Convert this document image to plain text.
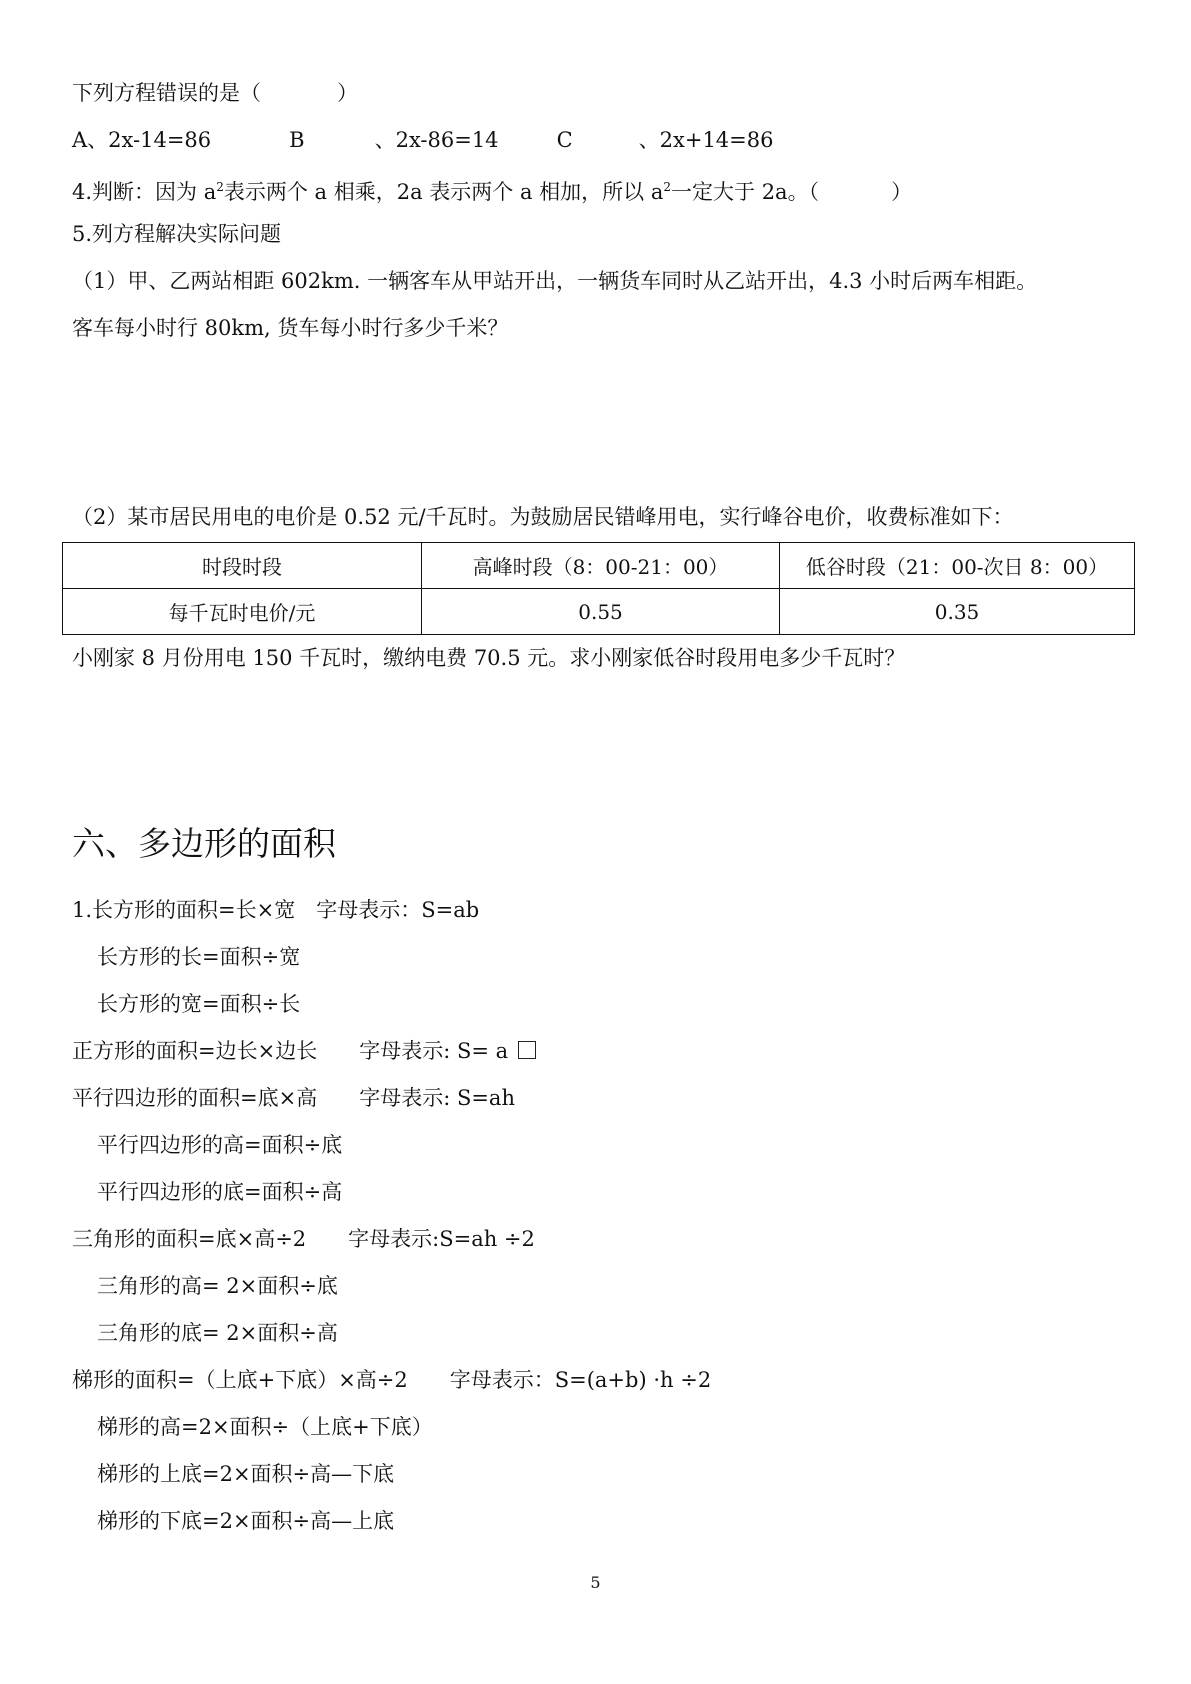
下列方程错误的是（	）
A、2x-14=86	B	、2x-86=14	C	、2x+14=86
4.判断：因为 $a^2$表示两个 a 相乘，2a 表示两个 a 相加，所以 $a^2$一定大于 2a。（	）
5.列方程解决实际问题
（1）甲、乙两站相距 602km. 一辆客车从甲站开出，一辆货车同时从乙站开出，4.3 小时后两车相距。
客车每小时行 80km, 货车每小时行多少千米？
（2）某市居民用电的电价是 0.52 元/千瓦时。为鼓励居民错峰用电，实行峰谷电价，收费标准如下：
时段时段	高峰时段（8：00-21：00）	低谷时段（21：00-次日 8：00）
每千瓦时电价/元	0.55	0.35
小刚家 8 月份用电 150 千瓦时，缴纳电费 70.5 元。求小刚家低谷时段用电多少千瓦时？
六、多边形的面积
1.长方形的面积=长×宽　字母表示：S=ab
长方形的长=面积÷宽
长方形的宽=面积÷长
正方形的面积=边长×边长　　字母表示: S= a
平行四边形的面积=底×高　　字母表示: S=ah
平行四边形的高=面积÷底
平行四边形的底=面积÷高
三角形的面积=底×高÷2　　字母表示:S=ah ÷2
三角形的高= 2×面积÷底
三角形的底= 2×面积÷高
梯形的面积=（上底+下底）×高÷2　　字母表示：S=(a+b) ·h ÷2
梯形的高=2×面积÷（上底+下底）
梯形的上底=2×面积÷高—下底
梯形的下底=2×面积÷高—上底
5
